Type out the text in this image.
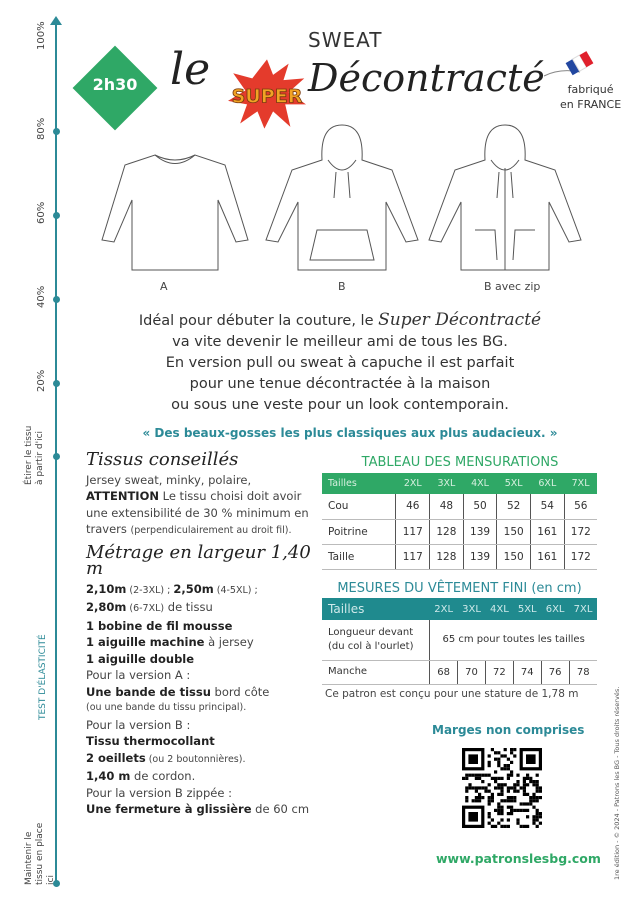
100%
80%
60%
40%
20%
Étirer le tissu à partir d'ici
TEST D'ÉLASTICITÉ
Maintenir le tissu en place ici
2h30 le
SUPER
SWEAT
Décontracté	fabriqué
en FRANCE
A	B	B avec zip
Idéal pour débuter la couture, le Super Décontracté
va vite devenir le meilleur ami de tous les BG.
En version pull ou sweat à capuche il est parfait
pour une tenue décontractée à la maison
ou sous une veste pour un look contemporain.
« Des beaux-gosses les plus classiques aux plus audacieux. »
Tissus conseillés

Jersey sweat, minky, polaire,

ATTENTION Le tissu choisi doit avoir une extensibilité de 30 % minimum en travers (perpendiculairement au droit fil).

Métrage en largeur 1,40 m

2,10m (2-3XL) ; 2,50m (4-5XL) ;

2,80m (6-7XL) de tissu

1 bobine de fil mousse

1 aiguille machine à jersey

1 aiguille double

Pour la version A :

Une bande de tissu bord côte

(ou une bande du tissu principal).

Pour la version B :

Tissu thermocollant

2 oeillets (ou 2 boutonnières).

1,40 m de cordon.

Pour la version B zippée :

Une fermeture à glissière de 60 cm

TABLEAU DES MENSURATIONS
Tailles	2XL	3XL	4XL	5XL	6XL	7XL
Cou	46	48	50	52	54	56
Poitrine	117	128	139	150	161	172
Taille	117	128	139	150	161	172
MESURES DU VÊTEMENT FINI (en cm)
Tailles	2XL	3XL	4XL	5XL	6XL	7XL

Longueur devant
(du col à l'ourlet)	65 cm pour toutes les tailles					
Manche	68	70	72	74	76	78
Ce patron est conçu pour une stature de 1,78 m
Marges non comprises
www.patronslesbg.com 1re édition - © 2024 - Patrons les BG - Tous droits réservés.
